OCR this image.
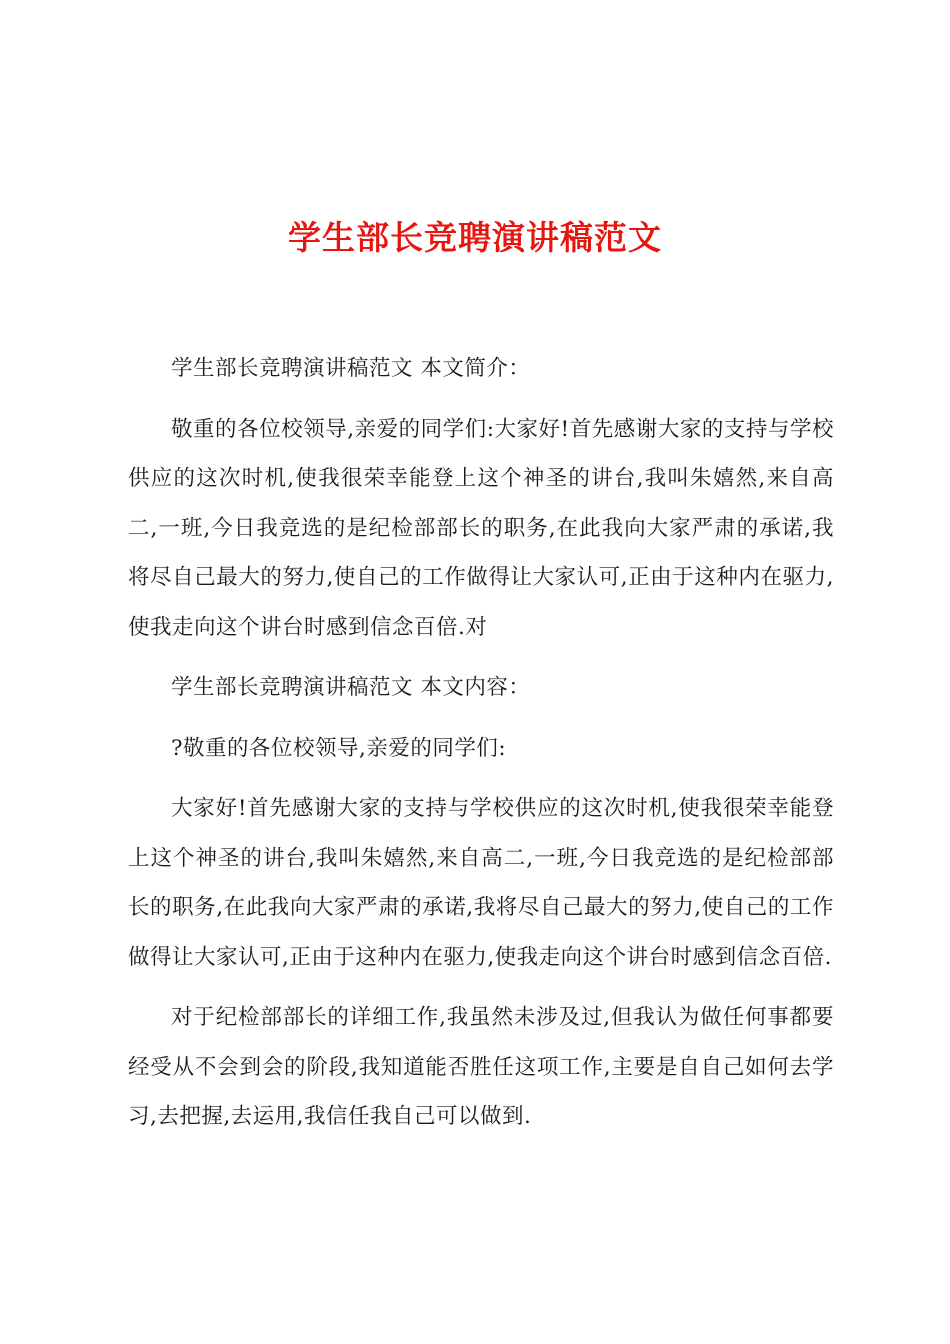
学生部长竞聘演讲稿范文

学生部长竞聘演讲稿范文 本文简介：

敬重的各位校领导,亲爱的同学们:大家好!首先感谢大家的支持与学校供应的这次时机,使我很荣幸能登上这个神圣的讲台,我叫朱嬉然,来自高二,一班,今日我竞选的是纪检部部长的职务,在此我向大家严肃的承诺,我将尽自己最大的努力,使自己的工作做得让大家认可,正由于这种内在驱力,使我走向这个讲台时感到信念百倍.对

学生部长竞聘演讲稿范文 本文内容：

?敬重的各位校领导,亲爱的同学们:

大家好!首先感谢大家的支持与学校供应的这次时机,使我很荣幸能登上这个神圣的讲台,我叫朱嬉然,来自高二,一班,今日我竞选的是纪检部部长的职务,在此我向大家严肃的承诺,我将尽自己最大的努力,使自己的工作做得让大家认可,正由于这种内在驱力,使我走向这个讲台时感到信念百倍.

对于纪检部部长的详细工作,我虽然未涉及过,但我认为做任何事都要经受从不会到会的阶段,我知道能否胜任这项工作,主要是自自己如何去学习,去把握,去运用,我信任我自己可以做到.
